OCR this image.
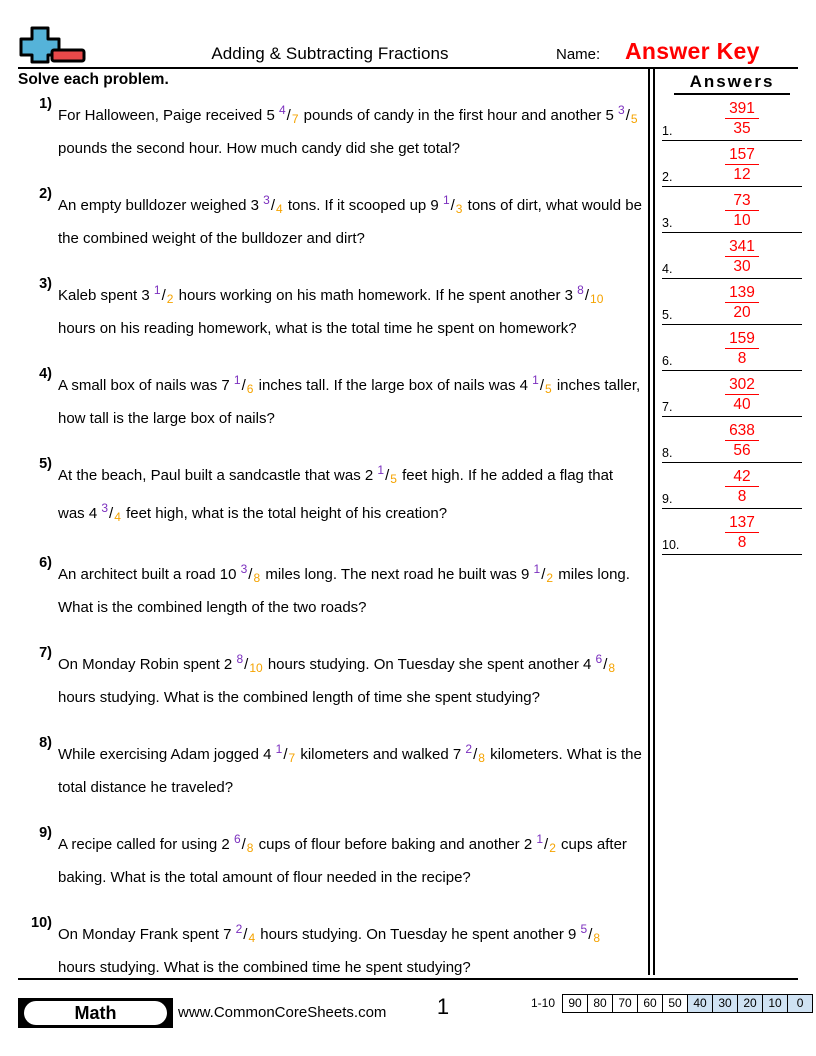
Adding & Subtracting Fractions	Name: Answer Key
Solve each problem.
1)
For Halloween, Paige received 5 $^4/_7$ pounds of candy in the first hour and another 5 $^3/_5$ pounds the second hour. How much candy did she get total?
2)
An empty bulldozer weighed 3 $^3/_4$ tons. If it scooped up 9 $^1/_3$ tons of dirt, what would be the combined weight of the bulldozer and dirt?
3)
Kaleb spent 3 $^1/_2$ hours working on his math homework. If he spent another 3 $^8/_{10}$ hours on his reading homework, what is the total time he spent on homework?
4)
A small box of nails was 7 $^1/_6$ inches tall. If the large box of nails was 4 $^1/_5$ inches taller, how tall is the large box of nails?
5)
At the beach, Paul built a sandcastle that was 2 $^1/_5$ feet high. If he added a flag that was 4 $^3/_4$ feet high, what is the total height of his creation?
6)
An architect built a road 10 $^3/_8$ miles long. The next road he built was 9 $^1/_2$ miles long. What is the combined length of the two roads?
7)
On Monday Robin spent 2 $^8/_{10}$ hours studying. On Tuesday she spent another 4 $^6/_8$ hours studying. What is the combined length of time she spent studying?
8)
While exercising Adam jogged 4 $^1/_7$ kilometers and walked 7 $^2/_8$ kilometers. What is the total distance he traveled?
9)
A recipe called for using 2 $^6/_8$ cups of flour before baking and another 2 $^1/_2$ cups after baking. What is the total amount of flour needed in the recipe?
10)
On Monday Frank spent 7 $^2/_4$ hours studying. On Tuesday he spent another 9 $^5/_8$ hours studying. What is the combined time he spent studying?
Answers
1. $\frac{391}{35}$
2. $\frac{157}{12}$
3. $\frac{73}{10}$
4. $\frac{341}{30}$
5. $\frac{139}{20}$
6. $\frac{159}{8}$
7. $\frac{302}{40}$
8. $\frac{638}{56}$
9. $\frac{42}{8}$
10. $\frac{137}{8}$
Math	www.CommonCoreSheets.com	1	1-10	90 80 70 60 50 40 30 20 10	0
